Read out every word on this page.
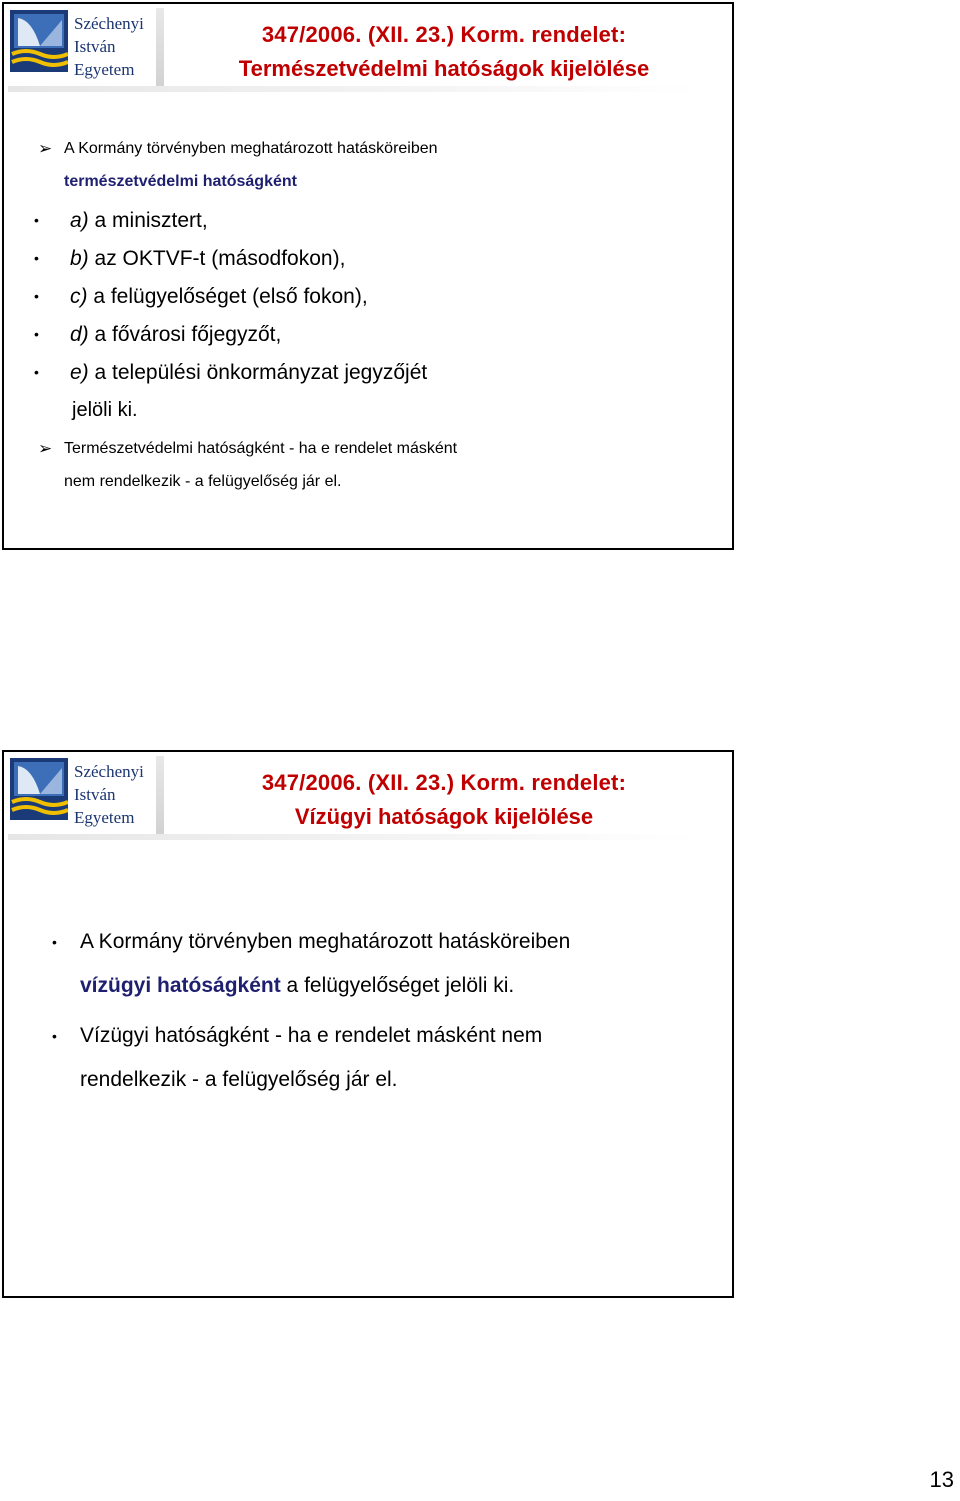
Széchenyi
István
Egyetem
347/2006. (XII. 23.) Korm. rendelet:
Természetvédelmi hatóságok kijelölése
➢ A Kormány törvényben meghatározott hatásköreiben
természetvédelmi hatóságként
• a) a minisztert,
• b) az OKTVF-t (másodfokon),
• c) a felügyelőséget (első fokon),
• d) a fővárosi főjegyzőt,
• e) a települési önkormányzat jegyzőjét
jelöli ki.
➢ Természetvédelmi hatóságként - ha e rendelet másként
nem rendelkezik - a felügyelőség jár el.
Széchenyi
István
Egyetem
347/2006. (XII. 23.) Korm. rendelet:
Vízügyi hatóságok kijelölése
• A Kormány törvényben meghatározott hatásköreiben
vízügyi hatóságként a felügyelőséget jelöli ki.
• Vízügyi hatóságként - ha e rendelet másként nem
rendelkezik - a felügyelőség jár el.
13
